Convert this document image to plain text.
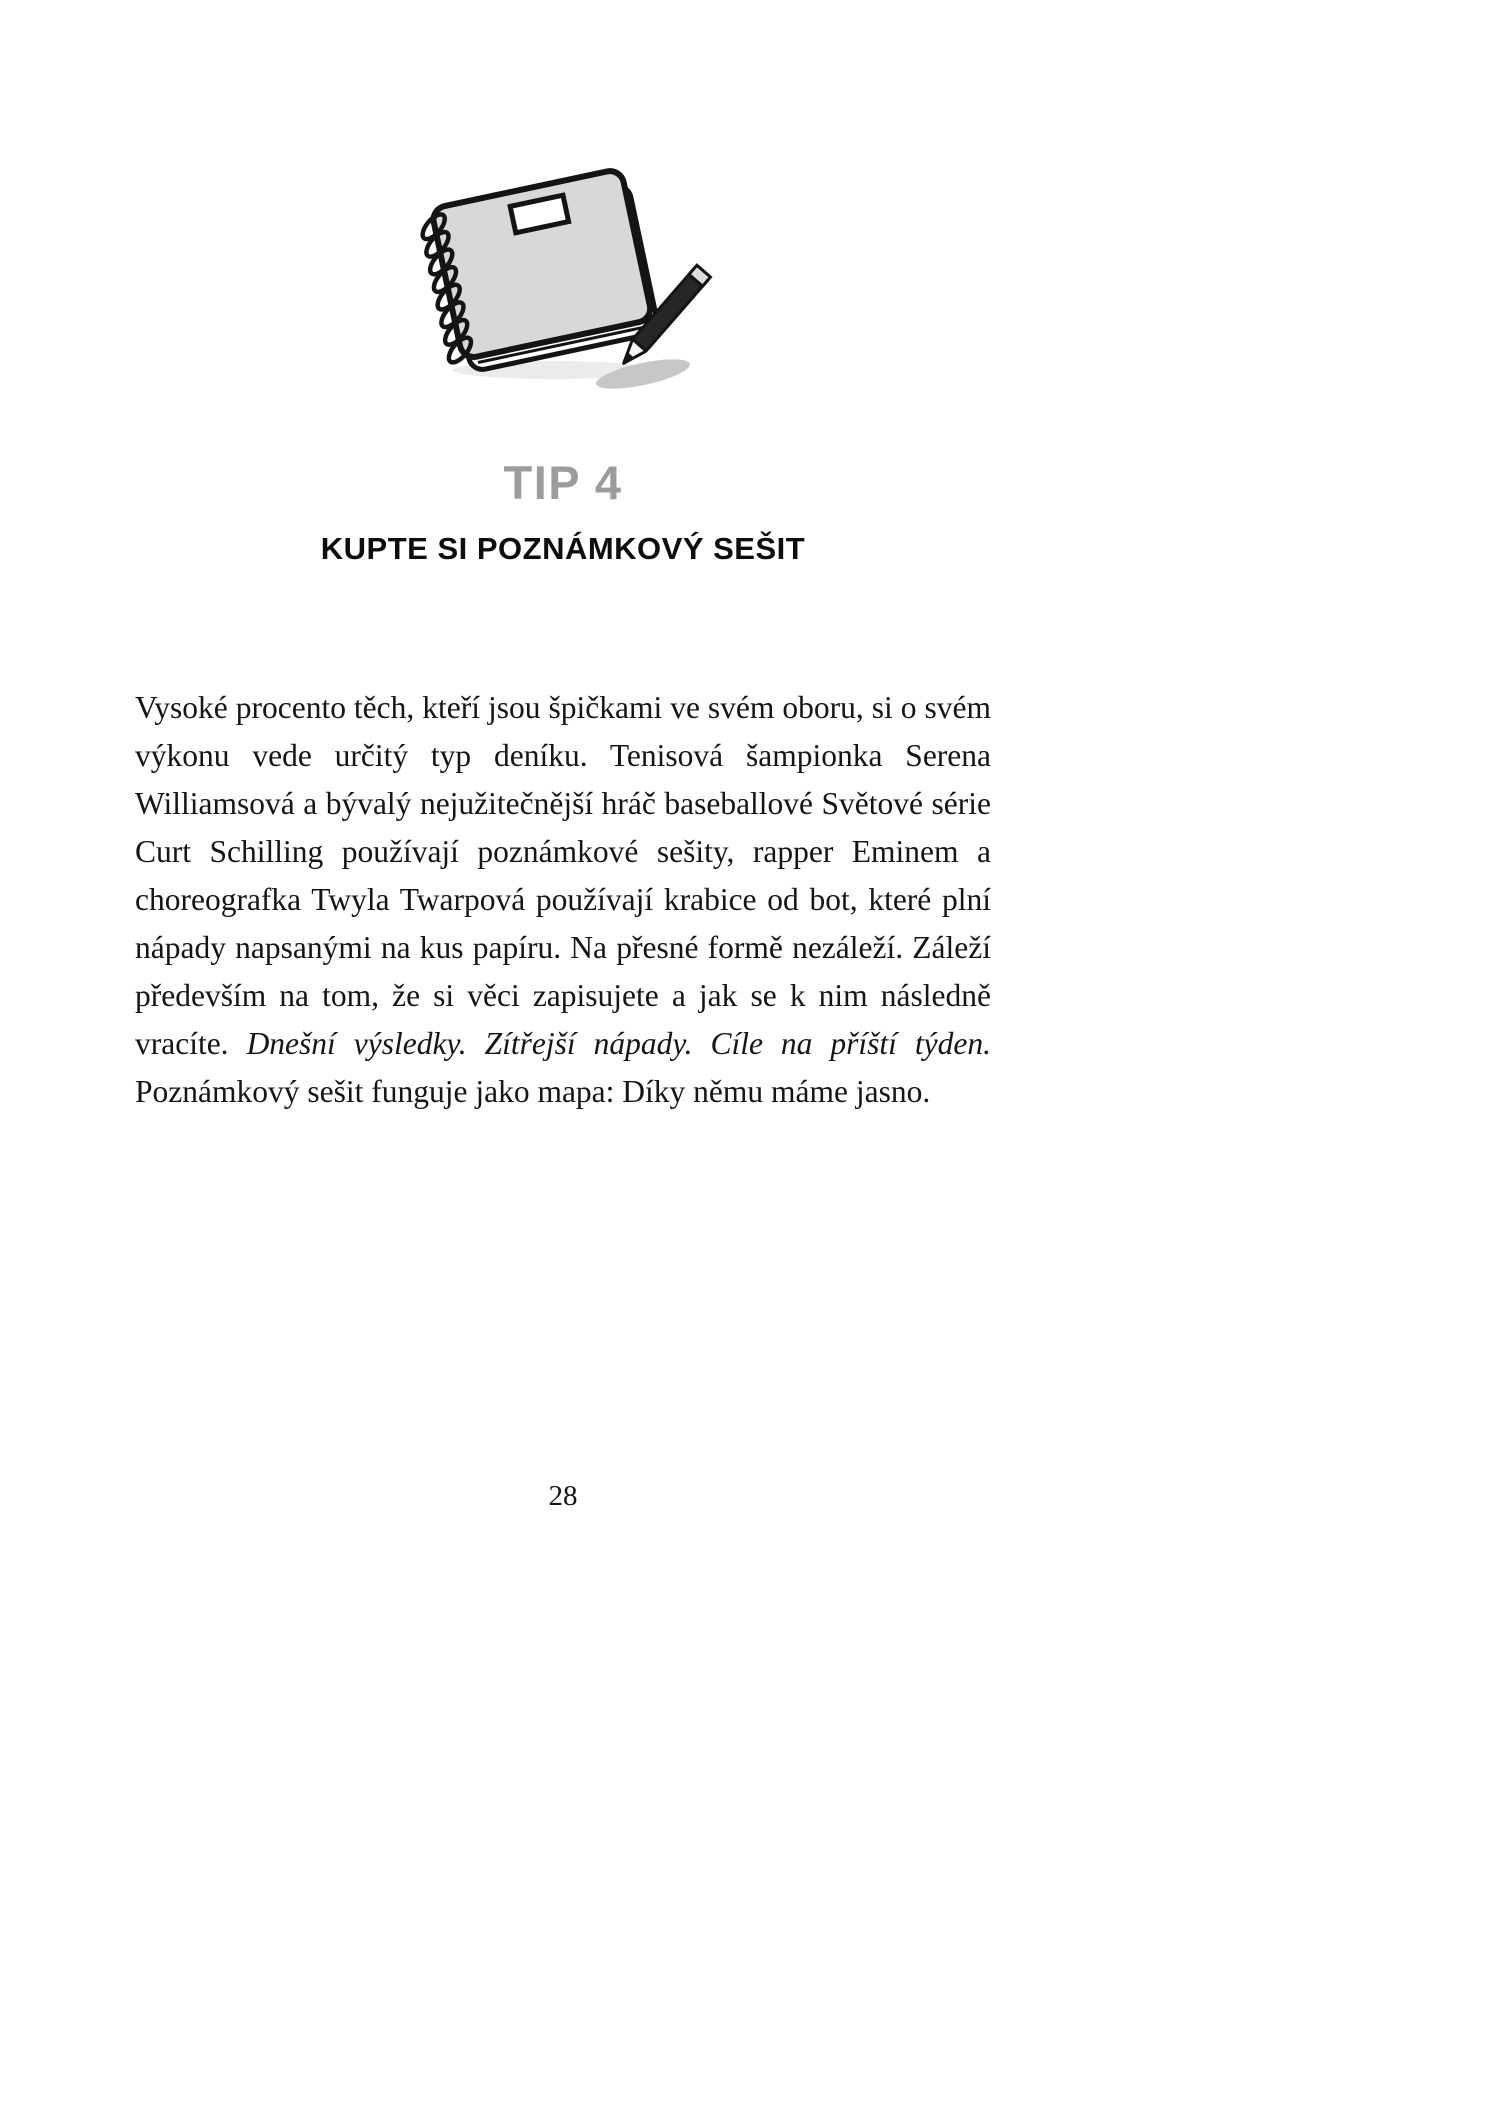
TIP 4
KUPTE SI POZNÁMKOVÝ SEŠIT

Vysoké procento těch, kteří jsou špičkami ve svém oboru, si o svém výkonu vede určitý typ deníku. Tenisová šampionka Serena Williamsová a bývalý nejužitečnější hráč baseballové Světové série Curt Schilling používají poznámkové sešity, rapper Eminem a choreografka Twyla Twarpová používají krabice od bot, které plní nápady napsanými na kus papíru. Na přesné formě nezáleží. Záleží především na tom, že si věci zapisujete a jak se k nim následně vracíte. Dnešní výsledky. Zítřejší nápady. Cíle na příští týden. Poznámkový sešit funguje jako mapa: Díky němu máme jasno.

28
